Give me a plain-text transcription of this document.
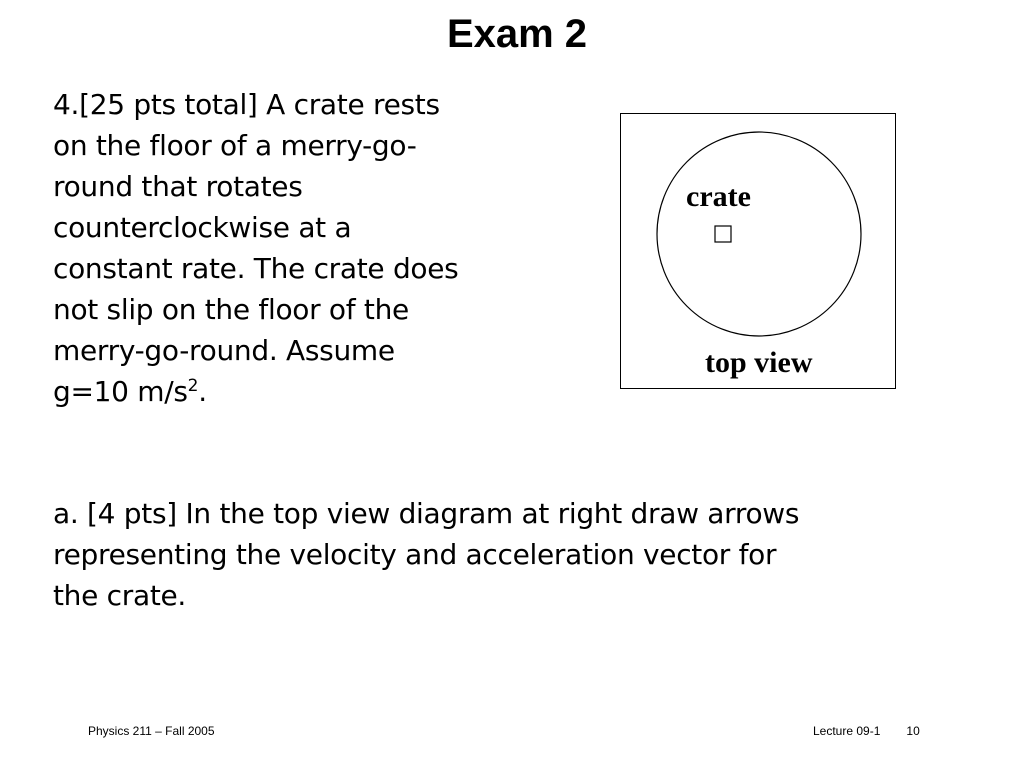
Exam 2
4.[25 pts total] A crate rests
on the floor of a merry-go-
round that rotates
counterclockwise at a
constant rate. The crate does
not slip on the floor of the
merry-go-round. Assume
g=10 $m/s^2$.
crate
top view
a. [4 pts] In the top view diagram at right draw arrows
representing the velocity and acceleration vector for
the crate.
Physics 211 – Fall 2005	Lecture 09-1 10
